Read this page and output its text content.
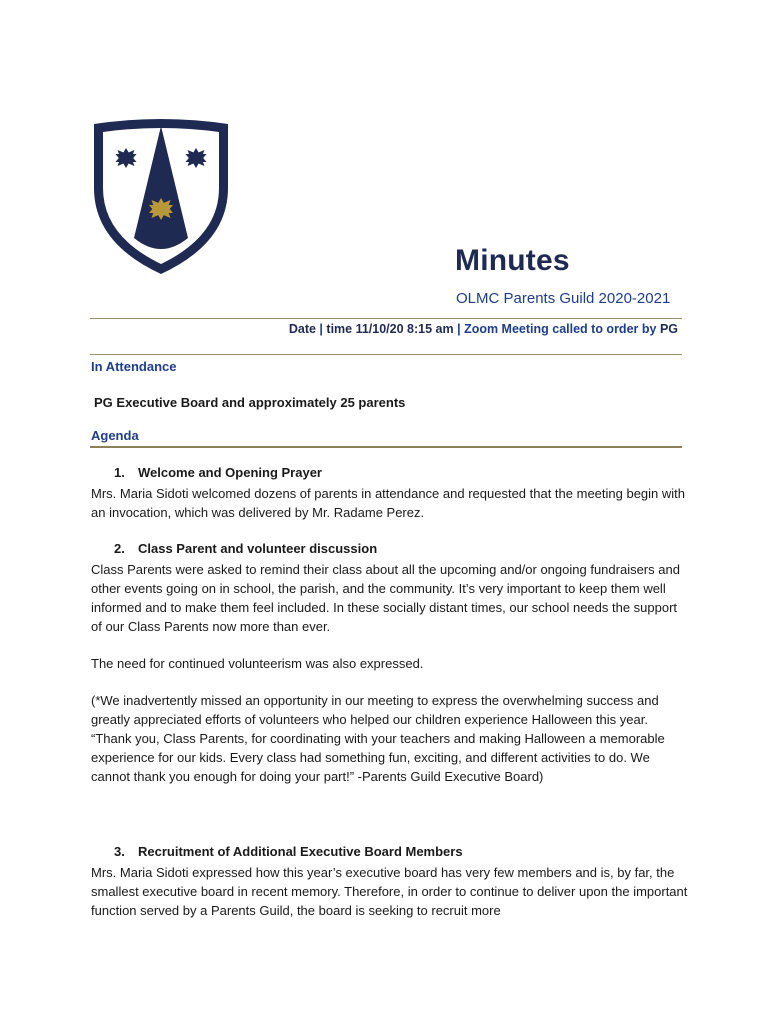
Minutes
OLMC Parents Guild 2020-2021
Date | time 11/10/20 8:15 am | Zoom Meeting called to order by PG
In Attendance
PG Executive Board and approximately 25 parents
Agenda
1. Welcome and Opening Prayer

Mrs. Maria Sidoti welcomed dozens of parents in attendance and requested that the meeting begin with an invocation, which was delivered by Mr. Radame Perez.

2. Class Parent and volunteer discussion

Class Parents were asked to remind their class about all the upcoming and/or ongoing fundraisers and other events going on in school, the parish, and the community. It’s very important to keep them well informed and to make them feel included. In these socially distant times, our school needs the support of our Class Parents now more than ever.

The need for continued volunteerism was also expressed.

(*We inadvertently missed an opportunity in our meeting to express the overwhelming success and greatly appreciated efforts of volunteers who helped our children experience Halloween this year. “Thank you, Class Parents, for coordinating with your teachers and making Halloween a memorable experience for our kids. Every class had something fun, exciting, and different activities to do. We cannot thank you enough for doing your part!” -Parents Guild Executive Board)

3. Recruitment of Additional Executive Board Members

Mrs. Maria Sidoti expressed how this year’s executive board has very few members and is, by far, the smallest executive board in recent memory. Therefore, in order to continue to deliver upon the important function served by a Parents Guild, the board is seeking to recruit more
